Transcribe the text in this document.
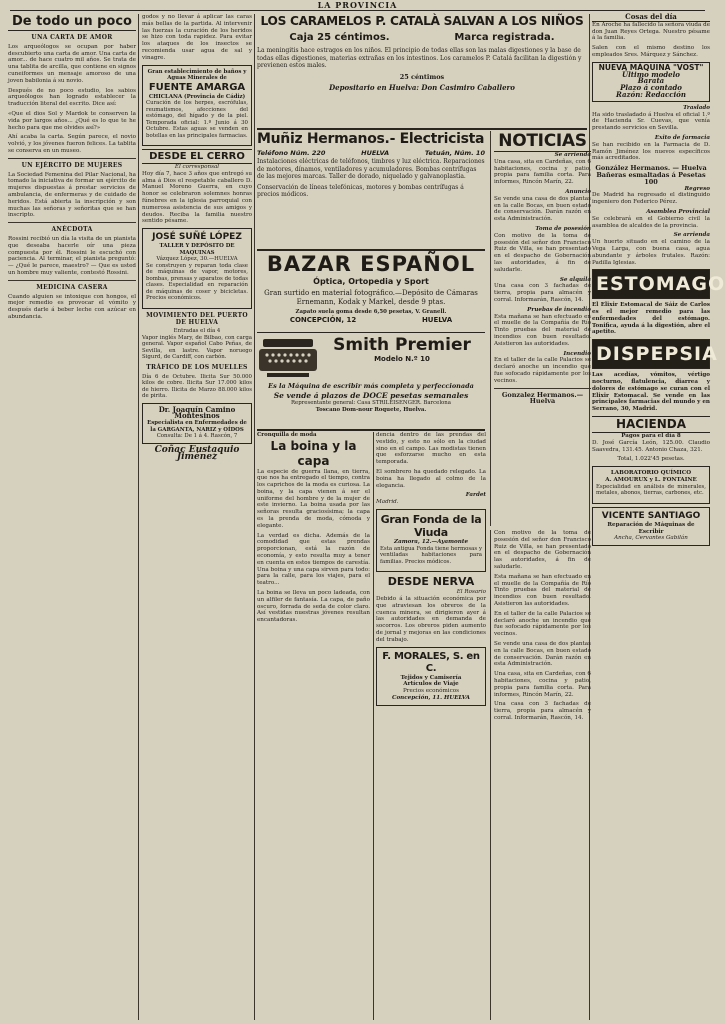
LA PROVINCIA
De todo un poco
UNA CARTA DE AMOR

Los arqueólogos se ocupan por haber descubierto una carta de amor. Una carta de amor... de hace cuatro mil años. Se trata de una tablita de arcilla, que contiene en signos cuneiformes un mensaje amoroso de una joven babilonia á su novio.

Después de no poco estudio, los sabios arqueólogos han logrado establecer la traducción literal del escrito. Dice así:

«Que el dios Sol y Mardok te conserven la vida por largos años... ¿Qué es lo que te he hecho para que me olvides así?»

Ahí acaba la carta. Según parece, el novio volvió, y los jóvenes fueron felices. La tablita se conserva en un museo.

UN EJÉRCITO DE MUJERES

La Sociedad Femenina del Pilar Nacional, ha tomado la iniciativa de formar un ejército de mujeres dispuestas á prestar servicios de ambulancia, de enfermeras y de cuidado de heridos. Está abierta la inscripción y son muchas las señoras y señoritas que se han inscripto.

ANÉCDOTA

Rossini recibió un día la visita de un pianista que deseaba hacerle oír una pieza compuesta por él. Rossini le escuchó con paciencia. Al terminar, el pianista preguntó: — ¿Qué le parece, maestro? — Que es usted un hombre muy valiente, contestó Rossini.

MEDICINA CASERA

Cuando alguien se intoxique con hongos, el mejor remedio es provocar el vómito y después darle á beber leche con azúcar en abundancia.

godos y no llevar á aplicar las caras más bellas de la partida. Al intervenir las fuerzas la curación de los heridos se hizo con toda rapidez. Para evitar los ataques de los insectos se recomienda usar agua de sal y vinagre.

Gran establecimiento de baños y Aguas Minerales de
FUENTE AMARGA
CHICLANA (Provincia de Cádiz)

Curación de los herpes, escrófulas, reumatismos, afecciones del estómago, del hígado y de la piel. Temporada oficial: 1.º Junio á 30 Octubre. Estas aguas se venden en botellas en las principales farmacias.

DESDE EL CERRO
El corresponsal

Hoy día 7, hace 3 años que entregó su alma á Dios el respetable caballero D. Manuel Moreno Guerra, en cuyo honor se celebraron solemnes honras fúnebres en la iglesia parroquial con numerosa asistencia de sus amigos y deudos. Reciba la familia nuestro sentido pésame.

JOSÉ SUÑÉ LÓPEZ
TALLER Y DEPÓSITO DE MAQUINAS
Vázquez López, 30.—HUELVA

Se construyen y reparan toda clase de máquinas de vapor, motores, bombas, prensas y aparatos de todas clases. Especialidad en reparación de máquinas de coser y bicicletas. Precios económicos.

MOVIMIENTO DEL PUERTO DE HUELVA
Entradas el día 4

Vapor inglés Mary, de Bilbao, con carga general. Vapor español Cabo Peñas, de Sevilla, en lastre. Vapor noruego Sigurd, de Cardiff, con carbón.

TRÁFICO DE LOS MUELLES

Día 6 de Octubre. Ilicita Sur 50.000 kilos de cobre. Ilicita Sur 17.000 kilos de hierro. Ilicita de Marzo 88.000 kilos de pirita.

Dr. Joaquín Camino Montesinos
Especialista en Enfermedades de la GARGANTA, NARIZ y OÍDOS
Consulta: De 1 á 4. Rascón, 7
Coñac Eustaquio Jiménez
LOS CARAMELOS P. CATALÀ SALVAN A LOS NIÑOS
Caja 25 céntimos.	Marca registrada.

La meningitis hace estragos en los niños. El principio de todas ellas son las malas digestiones y la base de todas ellas digestiones, materias extrañas en los intestinos. Los caramelos P. Catalá facilitan la digestión y previenen estos males.

25 céntimos
Depositario en Huelva: Don Casimiro Caballero
Muñiz Hermanos.- Electricista
Teléfono Núm. 220	HUELVA	Tetuán, Núm. 10

Instalaciones eléctricas de teléfonos, timbres y luz eléctrica. Reparaciones de motores, dínamos, ventiladores y acumuladores. Bombas centrífugas de las mejores marcas. Taller de dorado, niquelado y galvanoplastia.

Conservación de líneas telefónicas, motores y bombas centrífugas á precios módicos.

NOTICIAS
Se arrienda

Una casa, sita en Cardeñas, con 6 habitaciones, cocina y patio, propia para familia corta. Para informes, Rincón Marín, 22.

Anuncio

Se vende una casa de dos plantas en la calle Bocas, en buen estado de conservación. Darán razón en esta Administración.

Toma de posesión

Con motivo de la toma de posesión del señor don Francisco Ruiz de Villa, se han presentado en el despacho de Gobernación las autoridades, á fin de saludarle.

Se alquila

Una casa con 3 fachadas de tierra, propia para almacén y corral. Informarán, Rascón, 14.

Pruebas de incendio

Esta mañana se han efectuado en el muelle de la Compañía de Río Tinto pruebas del material de incendios con buen resultado. Asistieron las autoridades.

Incendio

En el taller de la calle Palacios se declaró anoche un incendio que fue sofocado rápidamente por los vecinos.

Gonzalez Hermanos.— Huelva
BAZAR ESPAÑOL
Óptica, Ortopedia y Sport

Gran surtido en material fotográfico.—Depósito de Cámaras Ernemann, Kodak y Markel, desde 9 ptas.

Zapato suela goma desde 6,50 pesetas, V. Granell.
CONCEPCIÓN, 12	HUELVA
Smith Premier
Modelo N.º 10
Es la Máquina de escribir más completa y perfeccionada
Se vende á plazos de DOCE pesetas semanales
Representante general: Casa STRILEISENGER. Barcelona
Toscano Dom-nour Roquete, Huelva.
Cronquilla de moda
La boina y la capa

La especie de guerra llana, en tierra, que nos ha entregado el tiempo, contra los caprichos de la moda es curiosa. La boina, y la capa vienen á ser el uniforme del hombre y de la mujer de este invierno. La boina usada por las señoras resulta graciosísima; la capa es la prenda de moda, cómoda y elegante.

La verdad es dicha. Además de la comodidad que estas prendas proporcionan, está la razón de economía, y esto resulta muy a tener en cuenta en estos tiempos de carestía. Una boina y una capa sirven para todo: para la calle, para los viajes, para el teatro...

La boina se lleva un poco ladeada, con un alfiler de fantasía. La capa, de paño oscuro, forrada de seda de color claro. Así vestidas nuestras jóvenes resultan encantadoras.

dencia dentro de las prendas del vestido, y esto no sólo en la ciudad sino en el campo. Las modistas tienen que esforzarse mucho en esta temporada.

El sombrero ha quedado relegado. La boina ha llegado al colmo de la elegancia.

Fardet
Madrid.
Gran Fonda de la Viuda
Zamora, 12.—Ayamonte

Esta antigua Fonda tiene hermosas y ventiladas habitaciones para familias. Precios módicos.

DESDE NERVA
El Rosario

Debido á la situación económica por que atraviesan los obreros de la cuenca minera, se dirigieron ayer á las autoridades en demanda de socorros. Los obreros piden aumento de jornal y mejoras en las condiciones del trabajo.

F. MORALES, S. en C.
Tejidos y Camisería
Artículos de Viaje
Precios económicos
Concepción, 11. HUELVA

Con motivo de la toma de posesión del señor don Francisco Ruiz de Villa, se han presentado en el despacho de Gobernación las autoridades, á fin de saludarle.

Esta mañana se han efectuado en el muelle de la Compañía de Río Tinto pruebas del material de incendios con buen resultado. Asistieron las autoridades.

En el taller de la calle Palacios se declaró anoche un incendio que fue sofocado rápidamente por los vecinos.

Se vende una casa de dos plantas en la calle Bocas, en buen estado de conservación. Darán razón en esta Administración.

Una casa, sita en Cardeñas, con 6 habitaciones, cocina y patio, propia para familia corta. Para informes, Rincón Marín, 22.

Una casa con 3 fachadas de tierra, propia para almacén y corral. Informarán, Rascón, 14.

Cosas del día

En Aroche ha fallecido la señora viuda de don Juan Reyes Ortega. Nuestro pésame á la familia.

Salen con el mismo destino los empleados Sres. Márquez y Sánchez.

NUEVA MÁQUINA "VOST"
Último modelo
Barata
Plazo á contado
Razón: Redacción
Traslado

Ha sido trasladado á Huelva el oficial 1.º de Hacienda Sr. Cuevas, que venía prestando servicios en Sevilla.

Exito de farmacia

Se han recibido en la Farmacia de D. Ramón Jiménez los nuevos específicos más acreditados.

González Hermanos. — Huelva
Bañeras esmaltadas á Pesetas 100
Regreso

De Madrid ha regresado el distinguido ingeniero don Federico Pérez.

Asamblea Provincial

Se celebrará en el Gobierno civil la asamblea de alcaldes de la provincia.

Se arrienda

Un huerto situado en el camino de la Vega Larga, con buena casa, agua abundante y árboles frutales. Razón: Padilla Iglesias.

ESTOMAGO

El Elixir Estomacal de Sáiz de Carlos es el mejor remedio para las enfermedades del estómago. Tonifica, ayuda á la digestión, abre el apetito.

DISPEPSIA

Las acedías, vómitos, vértigo nocturno, flatulencia, diarrea y dolores de estómago se curan con el Elixir Estomacal. Se vende en las principales farmacias del mundo y en Serrano, 30, Madrid.

HACIENDA
Pagos para el día 8

D. José García León, 125.00. Claudio Saavedra, 131.45. Antonio Chaza, 321.

Total, 1.022'45 pesetas.
LABORATORIO QUÍMICO
A. AMOURUX y L. FONTAINE

Especialidad en análisis de minerales, metales, abonos, tierras, carbones, etc.

VICENTE SANTIAGO
Reparación de Máquinas de Escribir
Ancha, Cervantes Gabilán
